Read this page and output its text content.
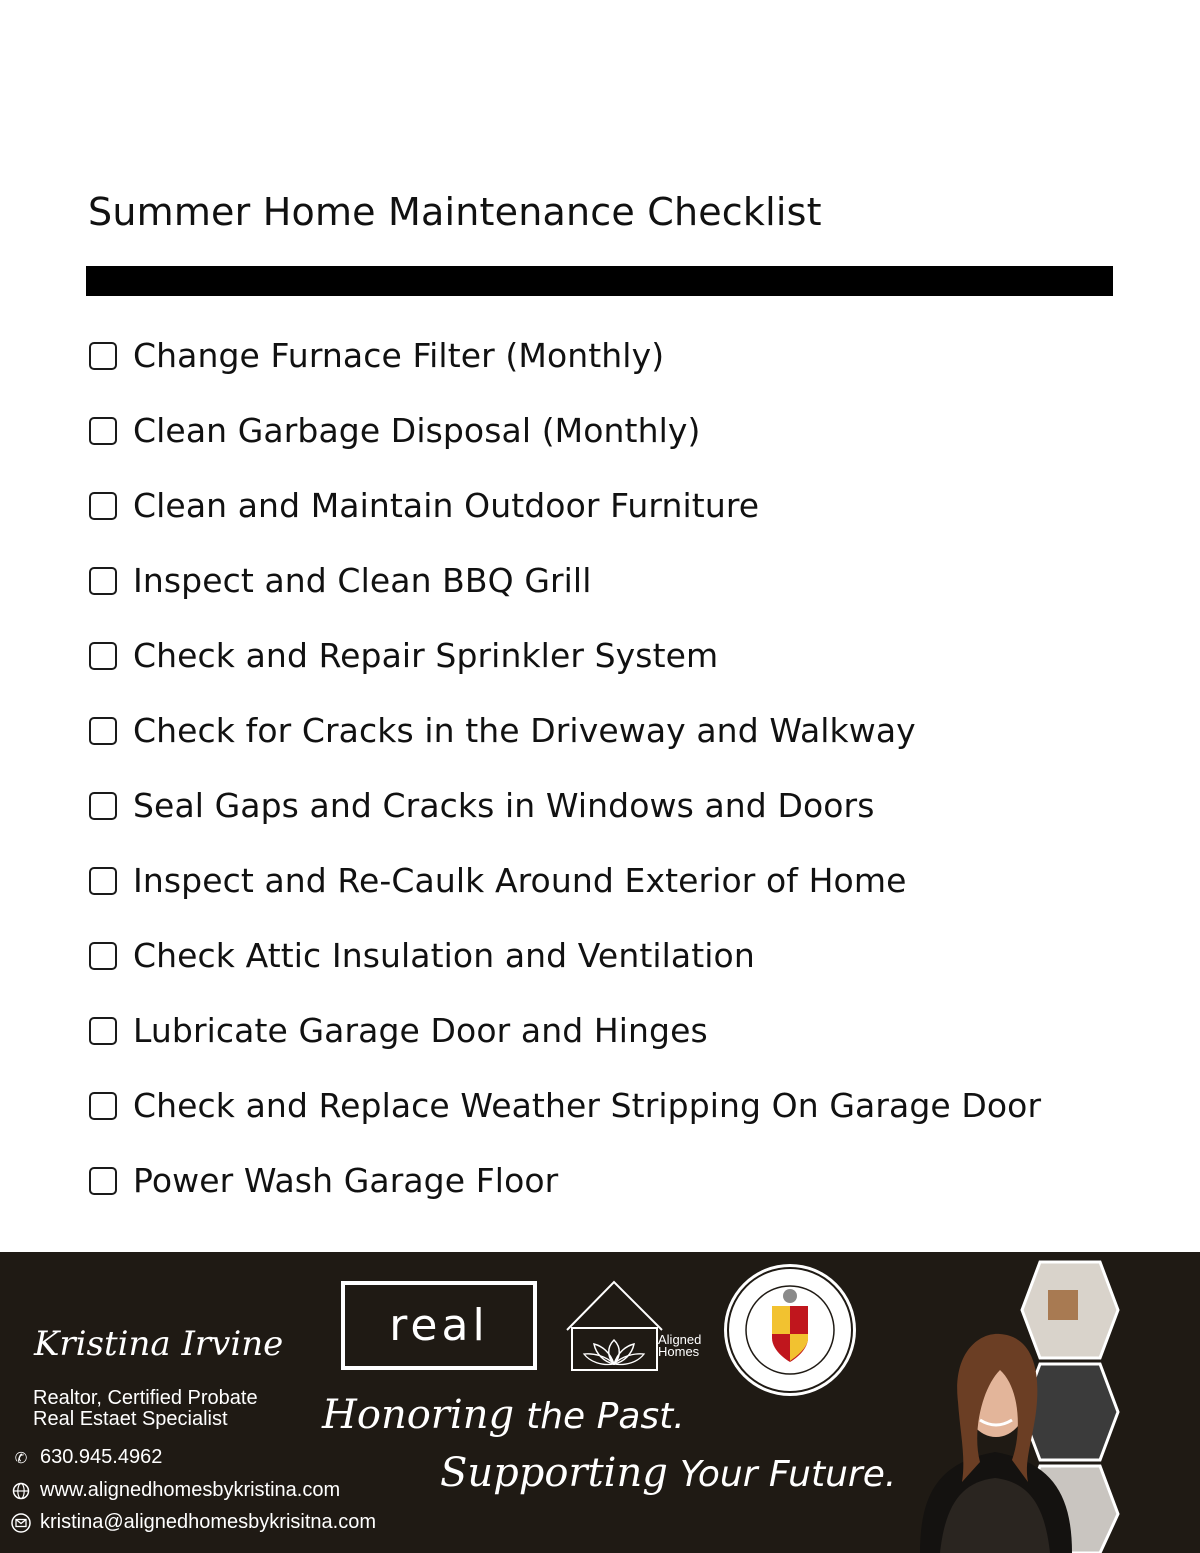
Summer Home Maintenance Checklist
Change Furnace Filter (Monthly)
Clean Garbage Disposal (Monthly)
Clean and Maintain Outdoor Furniture
Inspect and Clean BBQ Grill
Check and Repair Sprinkler System
Check for Cracks in the Driveway and Walkway
Seal Gaps and Cracks in Windows and Doors
Inspect and Re-Caulk Around Exterior of Home
Check Attic Insulation and Ventilation
Lubricate Garage Door and Hinges
Check and Replace Weather Stripping On Garage Door
Power Wash Garage Floor
Kristina Irvine
Realtor, Certified Probate
Real Estaet Specialist
✆ 630.945.4962
www.alignedhomesbykristina.com
kristina@alignedhomesbykrisitna.com
real	Aligned
Homes
Honoring the Past.
Supporting Your Future.
